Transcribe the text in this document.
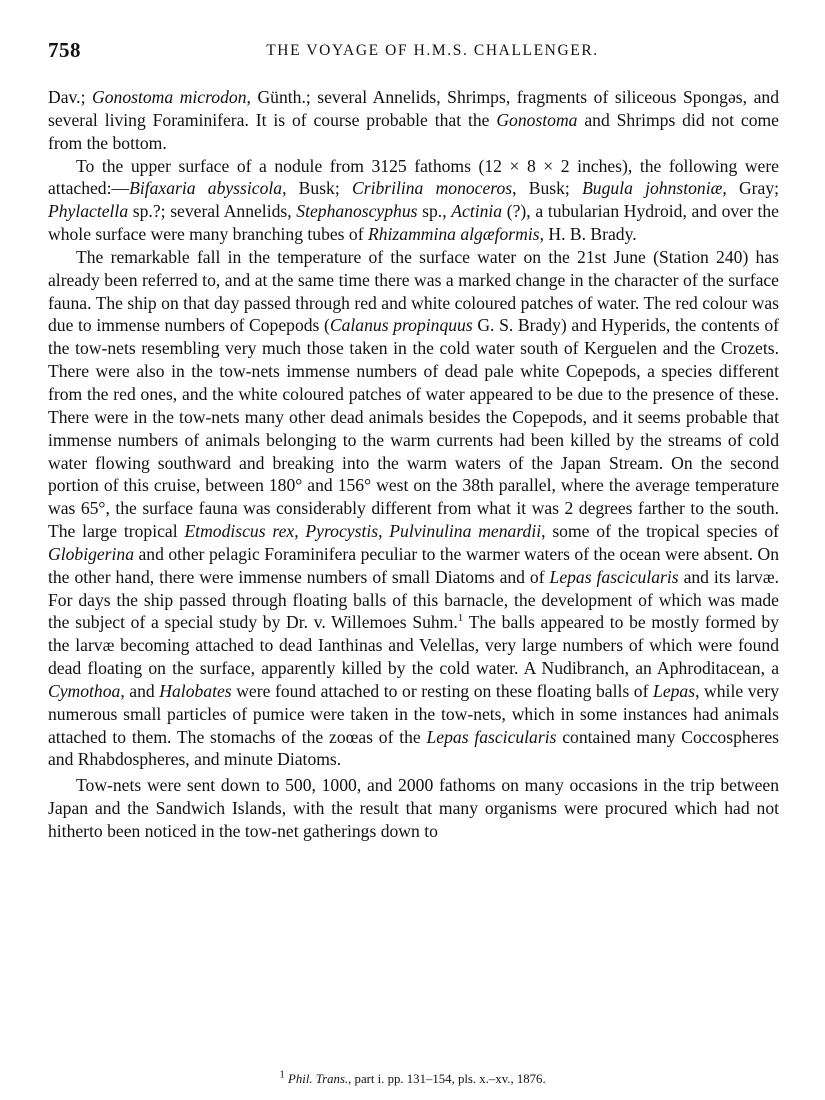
758	THE VOYAGE OF H.M.S. CHALLENGER.

Dav.; Gonostoma microdon, Günth.; several Annelids, Shrimps, fragments of siliceous Spongəs, and several living Foraminifera. It is of course probable that the Gonostoma and Shrimps did not come from the bottom.

To the upper surface of a nodule from 3125 fathoms (12 × 8 × 2 inches), the following were attached:—Bifaxaria abyssicola, Busk; Cribrilina monoceros, Busk; Bugula johnstoniæ, Gray; Phylactella sp.?; several Annelids, Stephanoscyphus sp., Actinia (?), a tubularian Hydroid, and over the whole surface were many branching tubes of Rhizammina algæformis, H. B. Brady.

The remarkable fall in the temperature of the surface water on the 21st June (Station 240) has already been referred to, and at the same time there was a marked change in the character of the surface fauna. The ship on that day passed through red and white coloured patches of water. The red colour was due to immense numbers of Copepods (Calanus propinquus G. S. Brady) and Hyperids, the contents of the tow-nets resembling very much those taken in the cold water south of Kerguelen and the Crozets. There were also in the tow-nets immense numbers of dead pale white Copepods, a species different from the red ones, and the white coloured patches of water appeared to be due to the presence of these. There were in the tow-nets many other dead animals besides the Copepods, and it seems probable that immense numbers of animals belonging to the warm currents had been killed by the streams of cold water flowing southward and breaking into the warm waters of the Japan Stream. On the second portion of this cruise, between 180° and 156° west on the 38th parallel, where the average temperature was 65°, the surface fauna was considerably different from what it was 2 degrees farther to the south. The large tropical Etmodiscus rex, Pyrocystis, Pulvinulina menardii, some of the tropical species of Globigerina and other pelagic Foraminifera peculiar to the warmer waters of the ocean were absent. On the other hand, there were immense numbers of small Diatoms and of Lepas fascicularis and its larvæ. For days the ship passed through floating balls of this barnacle, the development of which was made the subject of a special study by Dr. v. Willemoes Suhm.$^1$ The balls appeared to be mostly formed by the larvæ becoming attached to dead Ianthinas and Velellas, very large numbers of which were found dead floating on the surface, apparently killed by the cold water. A Nudibranch, an Aphroditacean, a Cymothoa, and Halobates were found attached to or resting on these floating balls of Lepas, while very numerous small particles of pumice were taken in the tow-nets, which in some instances had animals attached to them. The stomachs of the zoœas of the Lepas fascicularis contained many Coccospheres and Rhabdospheres, and minute Diatoms.

Tow-nets were sent down to 500, 1000, and 2000 fathoms on many occasions in the trip between Japan and the Sandwich Islands, with the result that many organisms were procured which had not hitherto been noticed in the tow-net gatherings down to

1 Phil. Trans., part i. pp. 131–154, pls. x.–xv., 1876.
